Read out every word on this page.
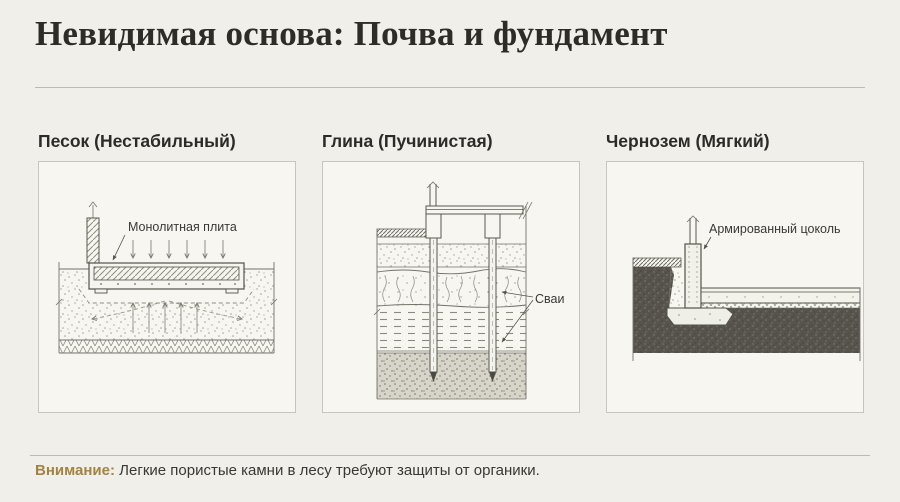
Невидимая основа: Почва и фундамент
Песок (Нестабильный)
Монолитная плита
Глина (Пучинистая)
Сваи
Чернозем (Мягкий)
Армированный цоколь

Внимание: Легкие пористые камни в лесу требуют защиты от органики.
